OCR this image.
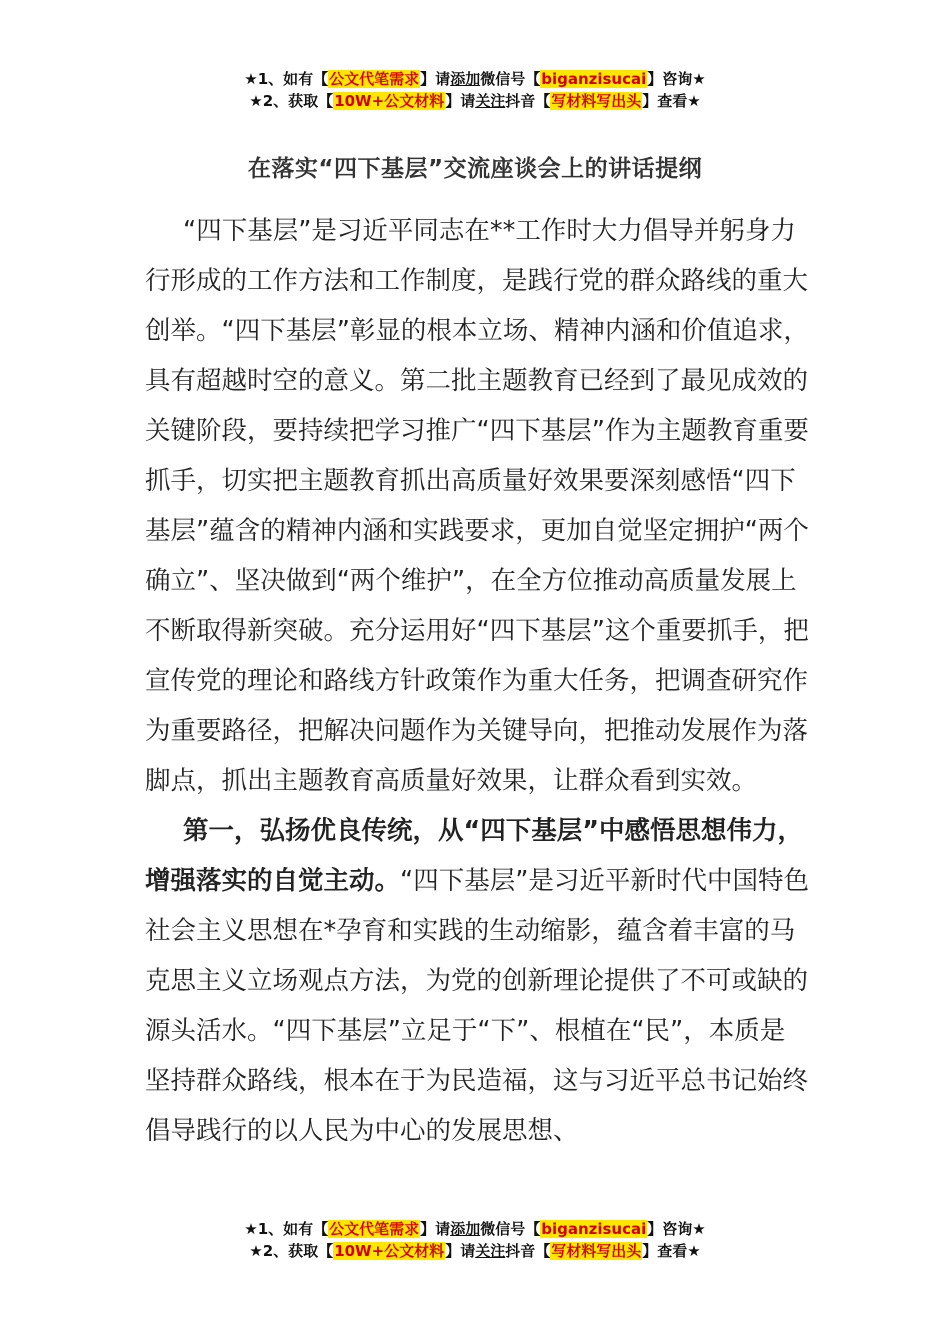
★1、如有【公文代笔需求】请添加微信号【biganzisucai】咨询★
★2、获取【10W+公文材料】请关注抖音【写材料写出头】查看★
在落实“四下基层”交流座谈会上的讲话提纲

“四下基层”是习近平同志在**工作时大力倡导并躬身力行形成的工作方法和工作制度，是践行党的群众路线的重大创举。“四下基层”彰显的根本立场、精神内涵和价值追求，具有超越时空的意义。第二批主题教育已经到了最见成效的关键阶段，要持续把学习推广“四下基层”作为主题教育重要抓手，切实把主题教育抓出高质量好效果要深刻感悟“四下基层”蕴含的精神内涵和实践要求，更加自觉坚定拥护“两个确立”、坚决做到“两个维护”，在全方位推动高质量发展上不断取得新突破。充分运用好“四下基层”这个重要抓手，把宣传党的理论和路线方针政策作为重大任务，把调查研究作为重要路径，把解决问题作为关键导向，把推动发展作为落脚点，抓出主题教育高质量好效果，让群众看到实效。

第一，弘扬优良传统，从“四下基层”中感悟思想伟力，增强落实的自觉主动。“四下基层”是习近平新时代中国特色社会主义思想在*孕育和实践的生动缩影，蕴含着丰富的马克思主义立场观点方法，为党的创新理论提供了不可或缺的源头活水。“四下基层”立足于“下”、根植在“民”，本质是坚持群众路线，根本在于为民造福，这与习近平总书记始终倡导践行的以人民为中心的发展思想、

★1、如有【公文代笔需求】请添加微信号【biganzisucai】咨询★
★2、获取【10W+公文材料】请关注抖音【写材料写出头】查看★
